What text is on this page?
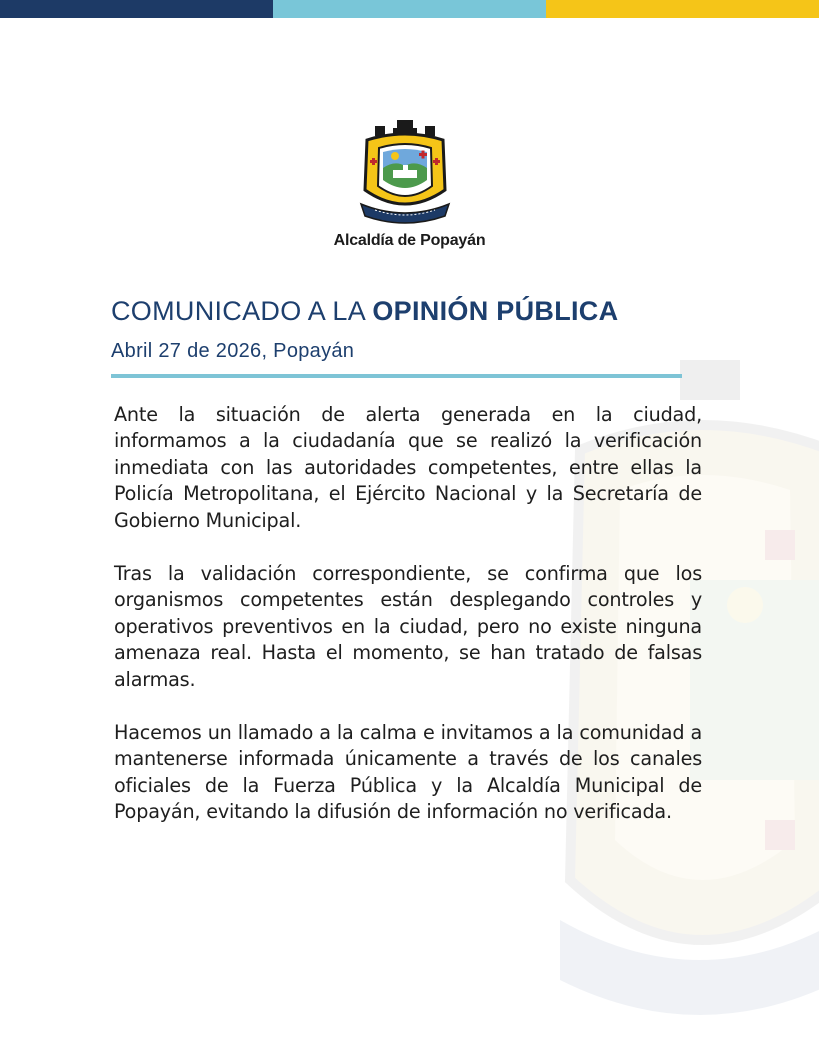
Alcaldía de Popayán
COMUNICADO A LA OPINIÓN PÚBLICA
Abril 27 de 2026, Popayán

Ante la situación de alerta generada en la ciudad, informamos a la ciudadanía que se realizó la verificación inmediata con las autoridades competentes, entre ellas la Policía Metropolitana, el Ejército Nacional y la Secretaría de Gobierno Municipal.

Tras la validación correspondiente, se confirma que los organismos competentes están desplegando controles y operativos preventivos en la ciudad, pero no existe ninguna amenaza real. Hasta el momento, se han tratado de falsas alarmas.

Hacemos un llamado a la calma e invitamos a la comunidad a mantenerse informada únicamente a través de los canales oficiales de la Fuerza Pública y la Alcaldía Municipal de Popayán, evitando la difusión de información no verificada.
